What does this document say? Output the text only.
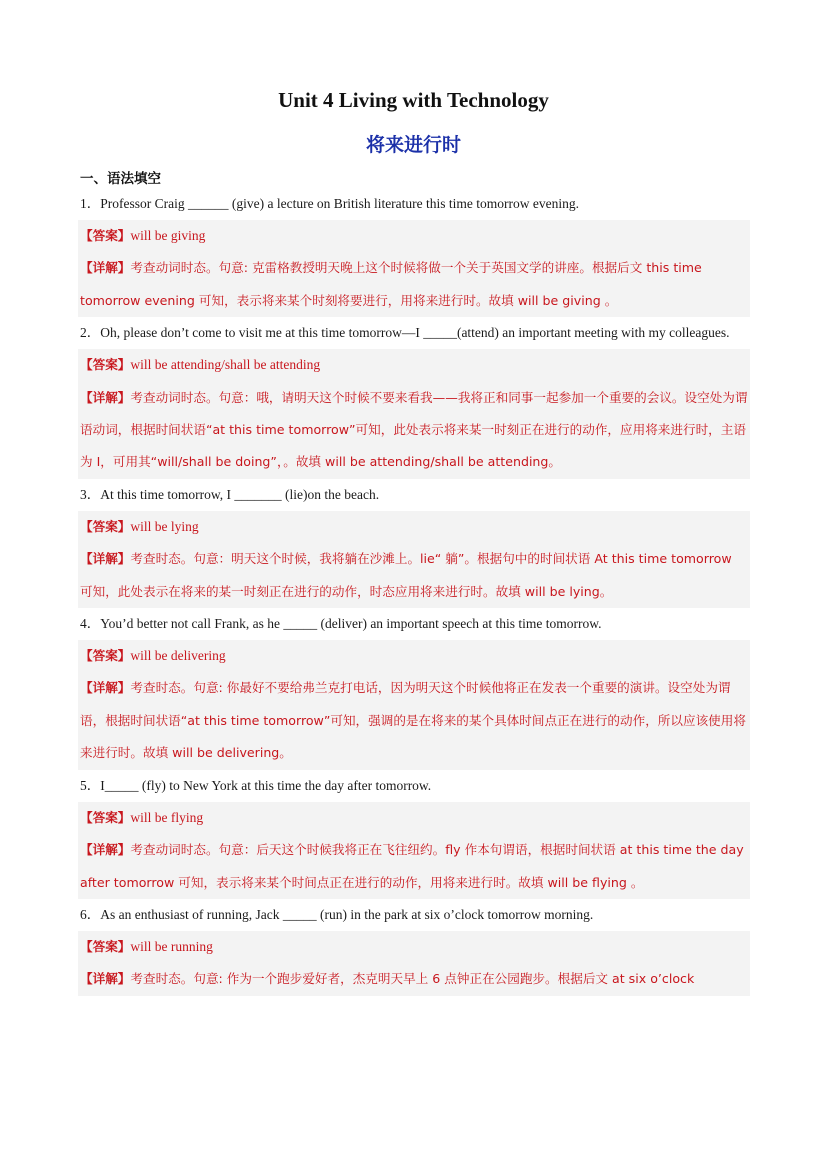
Unit 4 Living with Technology
将来进行时
一、语法填空
1．Professor Craig ______ (give) a lecture on British literature this time tomorrow evening.
【答案】will be giving
【详解】考查动词时态。句意: 克雷格教授明天晚上这个时候将做一个关于英国文学的讲座。根据后文 this time tomorrow evening 可知，表示将来某个时刻将要进行，用将来进行时。故填 will be giving 。
2．Oh, please don’t come to visit me at this time tomorrow—I _____(attend) an important meeting with my colleagues.
【答案】will be attending/shall be attending
【详解】考查动词时态。句意：哦，请明天这个时候不要来看我——我将正和同事一起参加一个重要的会议。设空处为谓语动词，根据时间状语“at this time tomorrow”可知，此处表示将来某一时刻正在进行的动作，应用将来进行时，主语为 I，可用其“will/shall be doing”，。故填 will be attending/shall be attending。
3．At this time tomorrow, I _______ (lie)on the beach.
【答案】will be lying
【详解】考查时态。句意：明天这个时候，我将躺在沙滩上。lie“ 躺”。根据句中的时间状语 At this time tomorrow 可知，此处表示在将来的某一时刻正在进行的动作，时态应用将来进行时。故填 will be lying。
4．You’d better not call Frank, as he _____ (deliver) an important speech at this time tomorrow.
【答案】will be delivering
【详解】考查时态。句意: 你最好不要给弗兰克打电话，因为明天这个时候他将正在发表一个重要的演讲。设空处为谓语，根据时间状语“at this time tomorrow”可知，强调的是在将来的某个具体时间点正在进行的动作，所以应该使用将来进行时。故填 will be delivering。
5．I_____ (fly) to New York at this time the day after tomorrow.
【答案】will be flying
【详解】考查动词时态。句意：后天这个时候我将正在飞往纽约。fly 作本句谓语，根据时间状语 at this time the day after tomorrow 可知，表示将来某个时间点正在进行的动作，用将来进行时。故填 will be flying 。
6．As an enthusiast of running, Jack _____ (run) in the park at six o’clock tomorrow morning.
【答案】will be running
【详解】考查时态。句意: 作为一个跑步爱好者，杰克明天早上 6 点钟正在公园跑步。根据后文 at six o’clock
